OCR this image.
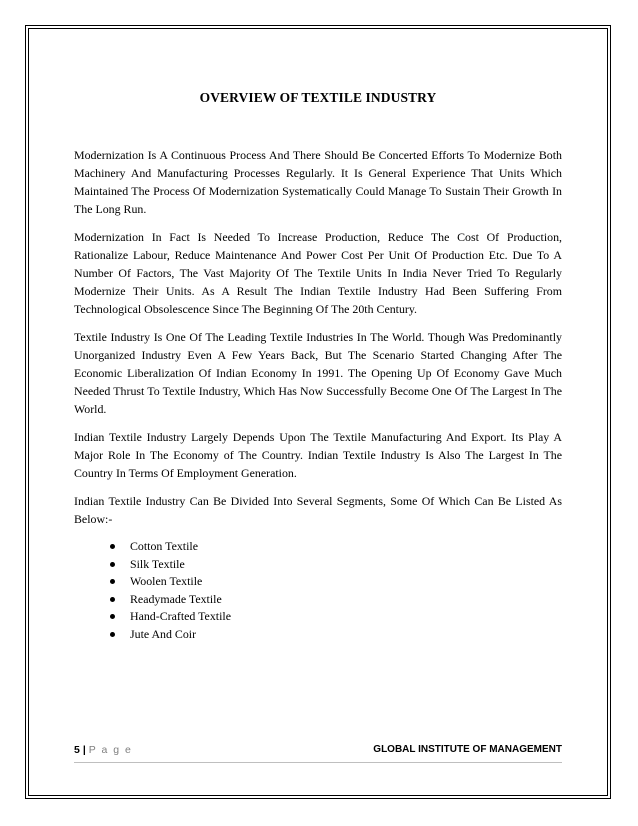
OVERVIEW OF TEXTILE INDUSTRY

Modernization Is A Continuous Process And There Should Be Concerted Efforts To Modernize Both Machinery And Manufacturing Processes Regularly. It Is General Experience That Units Which Maintained The Process Of Modernization Systematically Could Manage To Sustain Their Growth In The Long Run.

Modernization In Fact Is Needed To Increase Production, Reduce The Cost Of Production, Rationalize Labour, Reduce Maintenance And Power Cost Per Unit Of Production Etc. Due To A Number Of Factors, The Vast Majority Of The Textile Units In India Never Tried To Regularly Modernize Their Units. As A Result The Indian Textile Industry Had Been Suffering From Technological Obsolescence Since The Beginning Of The 20th Century.

Textile Industry Is One Of The Leading Textile Industries In The World. Though Was Predominantly Unorganized Industry Even A Few Years Back, But The Scenario Started Changing After The Economic Liberalization Of Indian Economy In 1991. The Opening Up Of Economy Gave Much Needed Thrust To Textile Industry, Which Has Now Successfully Become One Of The Largest In The World.

Indian Textile Industry Largely Depends Upon The Textile Manufacturing And Export. Its Play A Major Role In The Economy of The Country. Indian Textile Industry Is Also The Largest In The Country In Terms Of Employment Generation.

Indian Textile Industry Can Be Divided Into Several Segments, Some Of Which Can Be Listed As Below:-

Cotton Textile
Silk Textile
Woolen Textile
Readymade Textile
Hand-Crafted Textile
Jute And Coir
5 | P a g e	GLOBAL INSTITUTE OF MANAGEMENT
